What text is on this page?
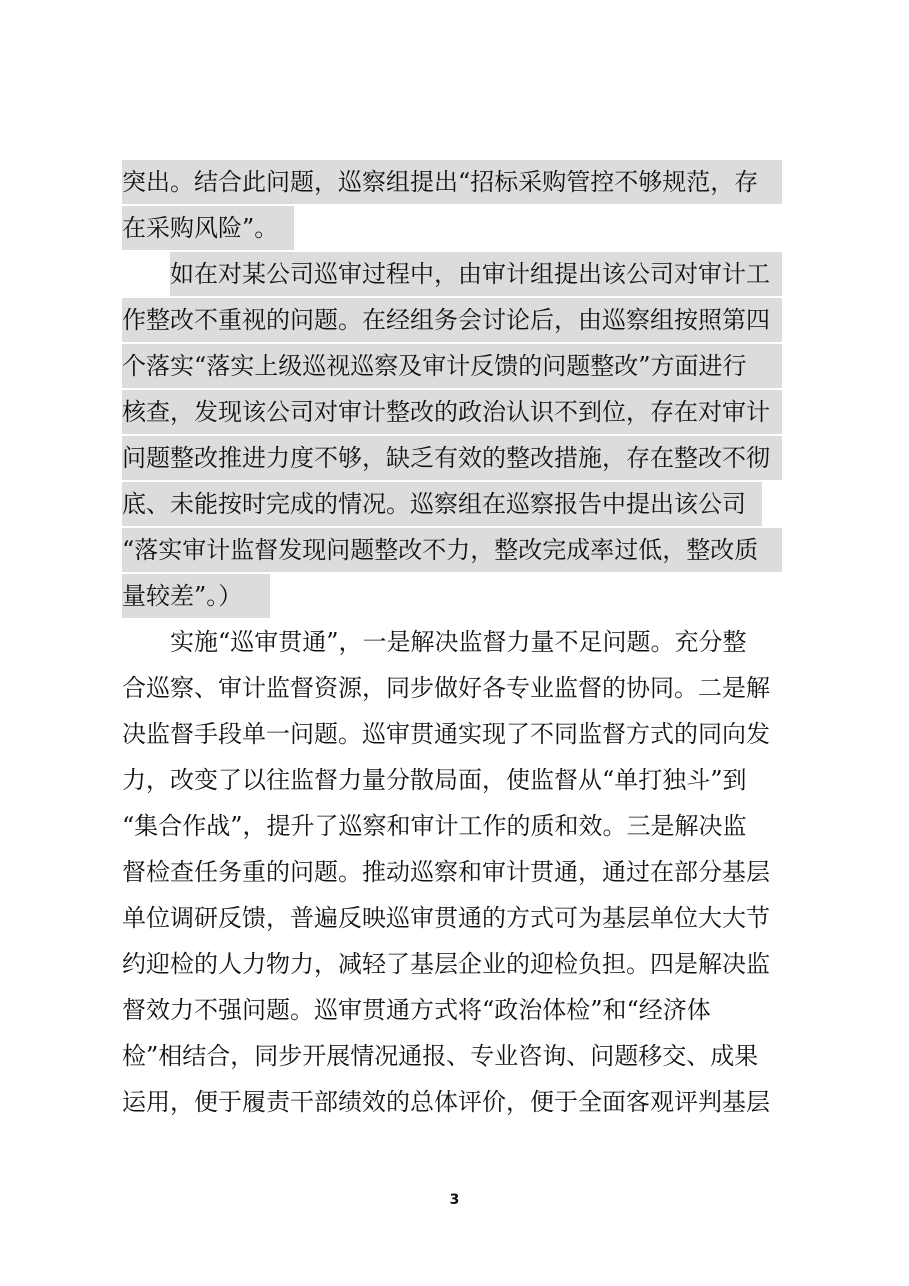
突出。结合此问题，巡察组提出“招标采购管控不够规范，存
在采购风险”。
如在对某公司巡审过程中，由审计组提出该公司对审计工
作整改不重视的问题。在经组务会讨论后，由巡察组按照第四
个落实“落实上级巡视巡察及审计反馈的问题整改”方面进行
核查，发现该公司对审计整改的政治认识不到位，存在对审计
问题整改推进力度不够，缺乏有效的整改措施，存在整改不彻
底、未能按时完成的情况。巡察组在巡察报告中提出该公司
“落实审计监督发现问题整改不力，整改完成率过低，整改质
量较差”。）
实施“巡审贯通”，一是解决监督力量不足问题。充分整
合巡察、审计监督资源，同步做好各专业监督的协同。二是解
决监督手段单一问题。巡审贯通实现了不同监督方式的同向发
力，改变了以往监督力量分散局面，使监督从“单打独斗”到
“集合作战”，提升了巡察和审计工作的质和效。三是解决监
督检查任务重的问题。推动巡察和审计贯通，通过在部分基层
单位调研反馈，普遍反映巡审贯通的方式可为基层单位大大节
约迎检的人力物力，减轻了基层企业的迎检负担。四是解决监
督效力不强问题。巡审贯通方式将“政治体检”和“经济体
检”相结合，同步开展情况通报、专业咨询、问题移交、成果
运用，便于履责干部绩效的总体评价，便于全面客观评判基层
3
